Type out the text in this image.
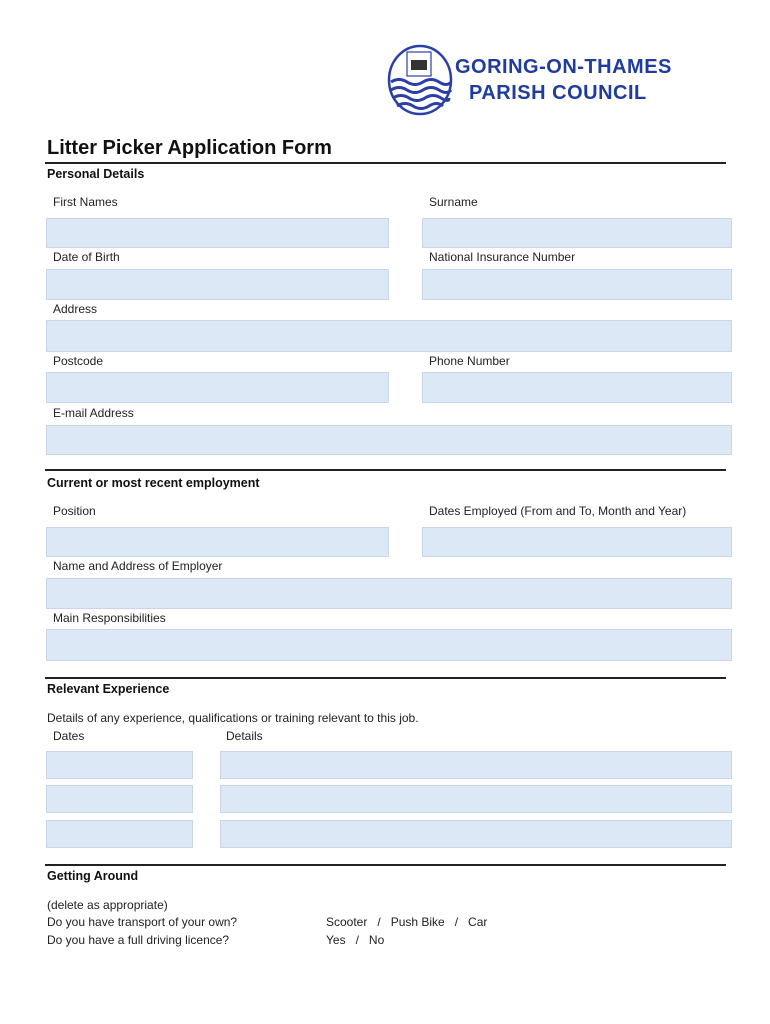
GORING-ON-THAMES
PARISH COUNCIL
Litter Picker Application Form
Personal Details
First Names	Surname
Date of Birth	National Insurance Number
Address
Postcode	Phone Number
E-mail Address
Current or most recent employment
Position	Dates Employed (From and To, Month and Year)
Name and Address of Employer
Main Responsibilities
Relevant Experience
Details of any experience, qualifications or training relevant to this job.
Dates	Details
Getting Around
(delete as appropriate)
Do you have transport of your own?	Scooter   /   Push Bike   /   Car
Do you have a full driving licence?	Yes   /   No
